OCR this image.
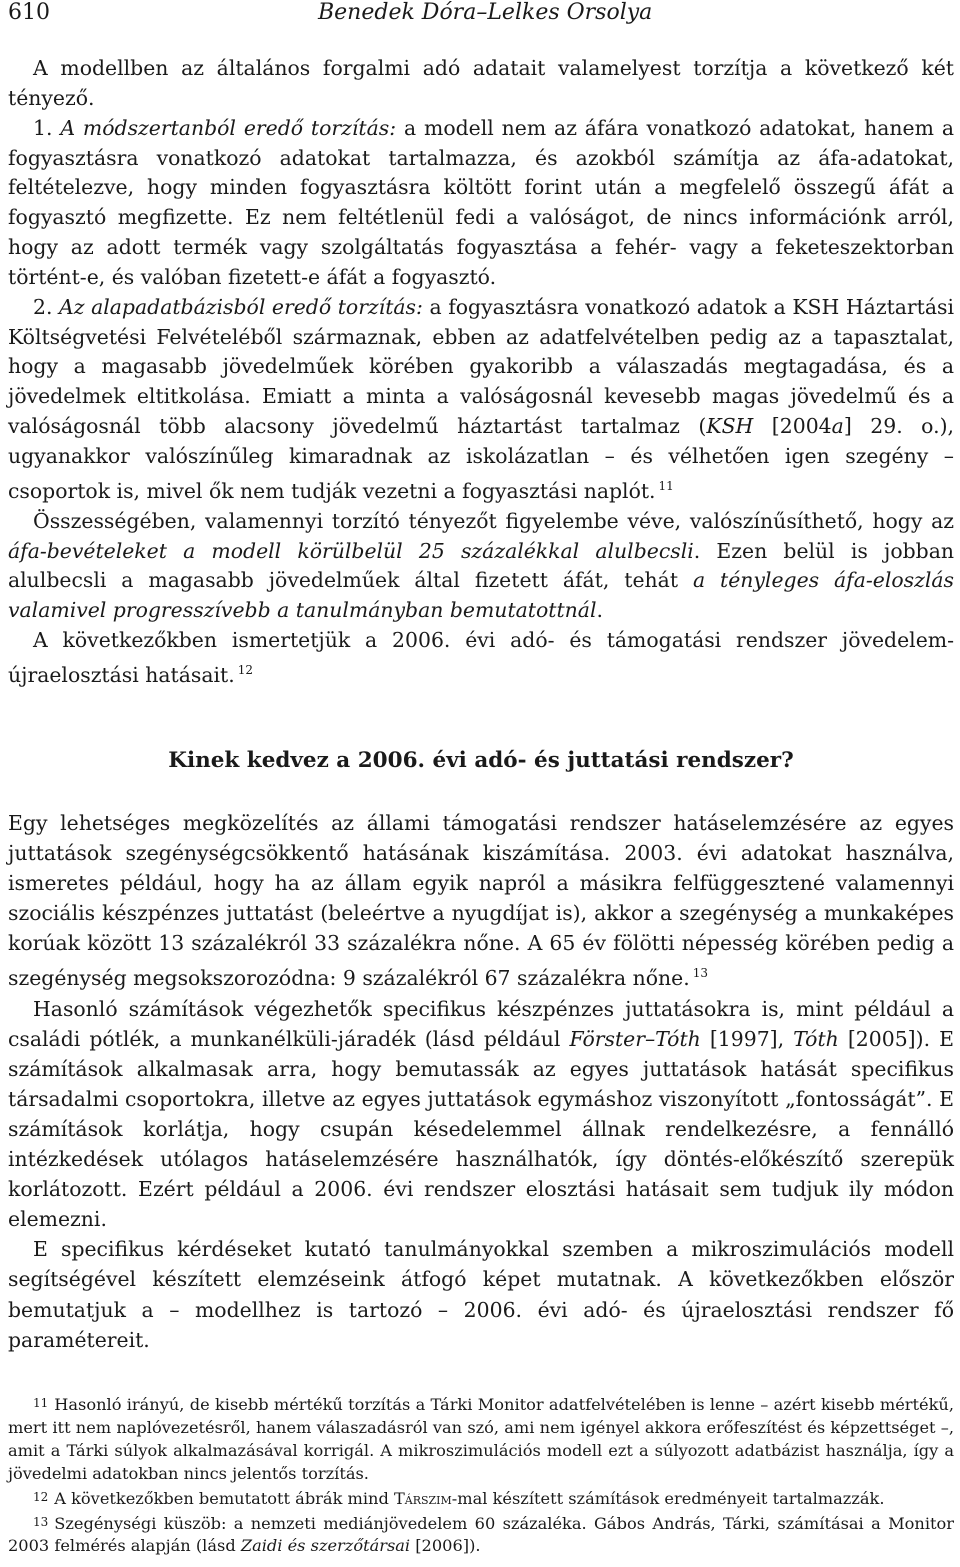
610	Benedek Dóra–Lelkes Orsolya

A modellben az általános forgalmi adó adatait valamelyest torzítja a következő két tényező.

1. A módszertanból eredő torzítás: a modell nem az áfára vonatkozó adatokat, hanem a fogyasztásra vonatkozó adatokat tartalmazza, és azokból számítja az áfa-adatokat, feltételezve, hogy minden fogyasztásra költött forint után a megfelelő összegű áfát a fogyasztó megfizette. Ez nem feltétlenül fedi a valóságot, de nincs információnk arról, hogy az adott termék vagy szolgáltatás fogyasztása a fehér- vagy a feketeszektorban történt-e, és valóban fizetett-e áfát a fogyasztó.

2. Az alapadatbázisból eredő torzítás: a fogyasztásra vonatkozó adatok a KSH Háztartási Költségvetési Felvételéből származnak, ebben az adatfelvételben pedig az a tapasztalat, hogy a magasabb jövedelműek körében gyakoribb a válaszadás megtagadása, és a jövedelmek eltitkolása. Emiatt a minta a valóságosnál kevesebb magas jövedelmű és a valóságosnál több alacsony jövedelmű háztartást tartalmaz (KSH [2004a] 29. o.), ugyanakkor valószínűleg kimaradnak az iskolázatlan – és vélhetően igen szegény – csoportok is, mivel ők nem tudják vezetni a fogyasztási naplót. $^{11}$

Összességében, valamennyi torzító tényezőt figyelembe véve, valószínűsíthető, hogy az áfa-bevételeket a modell körülbelül 25 százalékkal alulbecsli. Ezen belül is jobban alulbecsli a magasabb jövedelműek által fizetett áfát, tehát a tényleges áfa-eloszlás valamivel progresszívebb a tanulmányban bemutatottnál.

A következőkben ismertetjük a 2006. évi adó- és támogatási rendszer jövedelem-újraelosztási hatásait. $^{12}$

Kinek kedvez a 2006. évi adó- és juttatási rendszer?

Egy lehetséges megközelítés az állami támogatási rendszer hatáselemzésére az egyes juttatások szegénységcsökkentő hatásának kiszámítása. 2003. évi adatokat használva, ismeretes például, hogy ha az állam egyik napról a másikra felfüggesztené valamennyi szociális készpénzes juttatást (beleértve a nyugdíjat is), akkor a szegénység a munkaképes korúak között 13 százalékról 33 százalékra nőne. A 65 év fölötti népesség körében pedig a szegénység megsokszorozódna: 9 százalékról 67 százalékra nőne. $^{13}$

Hasonló számítások végezhetők specifikus készpénzes juttatásokra is, mint például a családi pótlék, a munkanélküli-járadék (lásd például Förster–Tóth [1997], Tóth [2005]). E számítások alkalmasak arra, hogy bemutassák az egyes juttatások hatását specifikus társadalmi csoportokra, illetve az egyes juttatások egymáshoz viszonyított „fontosságát”. E számítások korlátja, hogy csupán késedelemmel állnak rendelkezésre, a fennálló intézkedések utólagos hatáselemzésére használhatók, így döntés-előkészítő szerepük korlátozott. Ezért például a 2006. évi rendszer elosztási hatásait sem tudjuk ily módon elemezni.

E specifikus kérdéseket kutató tanulmányokkal szemben a mikroszimulációs modell segítségével készített elemzéseink átfogó képet mutatnak. A következőkben először bemutatjuk a – modellhez is tartozó – 2006. évi adó- és újraelosztási rendszer fő paramétereit.

11 Hasonló irányú, de kisebb mértékű torzítás a Tárki Monitor adatfelvételében is lenne – azért kisebb mértékű, mert itt nem naplóvezetésről, hanem válaszadásról van szó, ami nem igényel akkora erőfeszítést és képzettséget –, amit a Tárki súlyok alkalmazásával korrigál. A mikroszimulációs modell ezt a súlyozott adatbázist használja, így a jövedelmi adatokban nincs jelentős torzítás.

12 A következőkben bemutatott ábrák mind Társzim-mal készített számítások eredményeit tartalmazzák.

13 Szegénységi küszöb: a nemzeti mediánjövedelem 60 százaléka. Gábos András, Tárki, számításai a Monitor 2003 felmérés alapján (lásd Zaidi és szerzőtársai [2006]).
